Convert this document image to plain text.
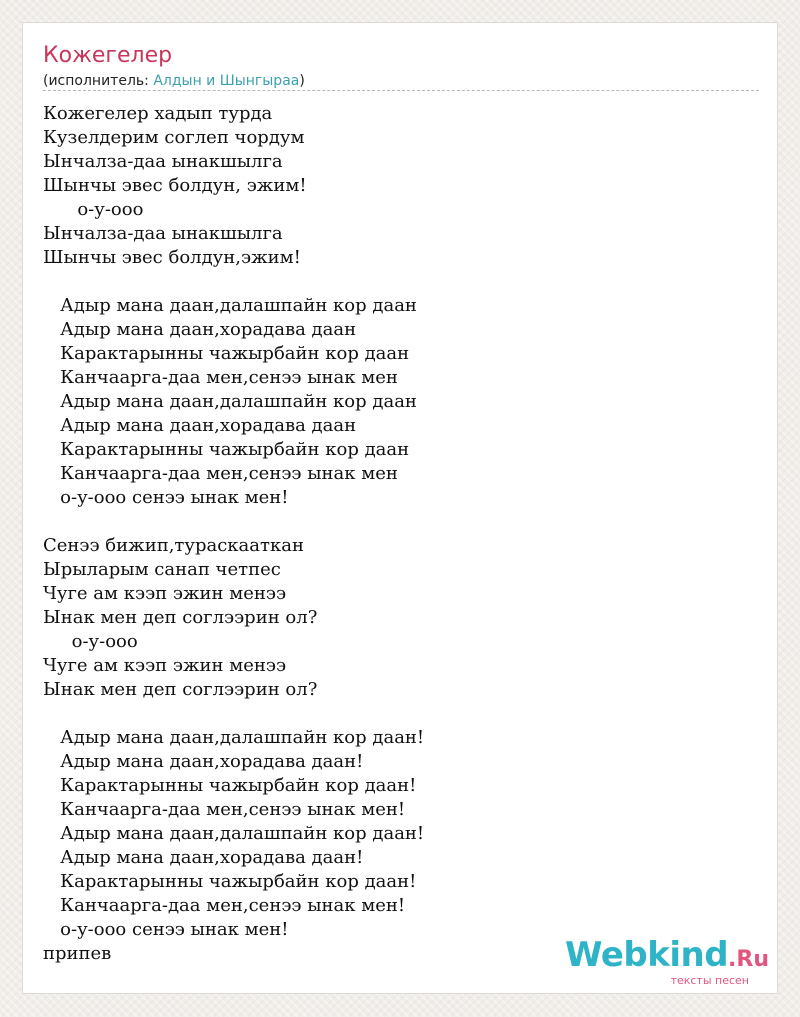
Кожегелер
(исполнитель: Алдын и Шынгыраа)
Кожегелер хадып турда
Кузелдерим соглеп чордум
Ынчалза-даа ынакшылга
Шынчы эвес болдун, эжим!
о-у-ооо
Ынчалза-даа ынакшылга
Шынчы эвес болдун,эжим!
Адыр мана даан,далашпайн кор даан
Адыр мана даан,хорадава даан
Карактарынны чажырбайн кор даан
Канчаарга-даа мен,сенээ ынак мен
Адыр мана даан,далашпайн кор даан
Адыр мана даан,хорадава даан
Карактарынны чажырбайн кор даан
Канчаарга-даа мен,сенээ ынак мен
о-у-ооо сенээ ынак мен!
Сенээ бижип,тураскааткан
Ырыларым санап четпес
Чуге ам кээп эжин менээ
Ынак мен деп соглээрин ол?
о-у-ооо
Чуге ам кээп эжин менээ
Ынак мен деп соглээрин ол?
Адыр мана даан,далашпайн кор даан!
Адыр мана даан,хорадава даан!
Карактарынны чажырбайн кор даан!
Канчаарга-даа мен,сенээ ынак мен!
Адыр мана даан,далашпайн кор даан!
Адыр мана даан,хорадава даан!
Карактарынны чажырбайн кор даан!
Канчаарга-даа мен,сенээ ынак мен!
о-у-ооо сенээ ынак мен!
припев	Webkind.Ru
тексты песен
